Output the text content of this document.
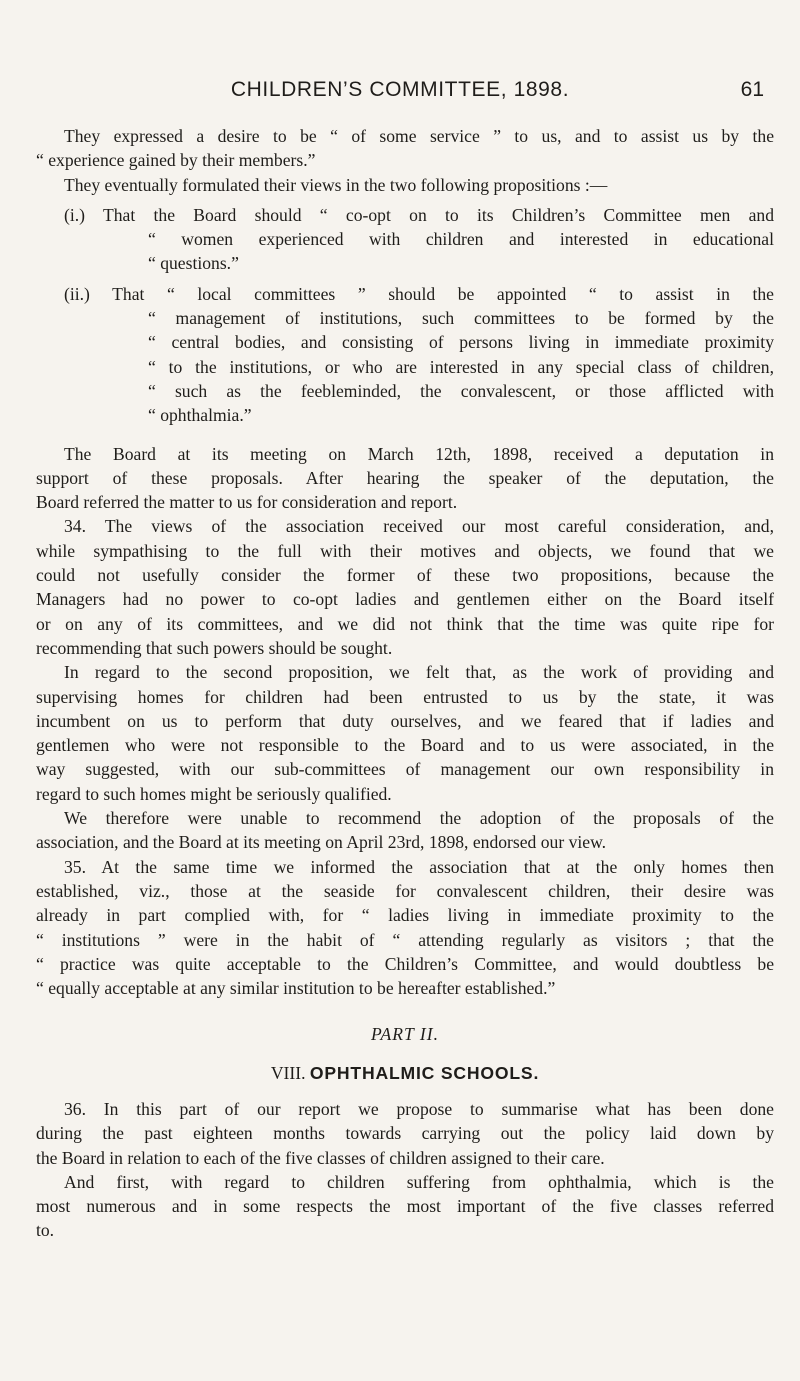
CHILDREN’S COMMITTEE, 1898.	61

They expressed a desire to be “ of some service ” to us, and to assist us by the

“ experience gained by their members.”

They eventually formulated their views in the two following propositions :—

(i.) That the Board should “ co-opt on to its Children’s Committee men and

“ women experienced with children and interested in educational

“ questions.”

(ii.) That “ local committees ” should be appointed “ to assist in the

“ management of institutions, such committees to be formed by the

“ central bodies, and consisting of persons living in immediate proximity

“ to the institutions, or who are interested in any special class of children,

“ such as the feebleminded, the convalescent, or those afflicted with

“ ophthalmia.”

The Board at its meeting on March 12th, 1898, received a deputation in

support of these proposals. After hearing the speaker of the deputation, the

Board referred the matter to us for consideration and report.

34. The views of the association received our most careful consideration, and,

while sympathising to the full with their motives and objects, we found that we

could not usefully consider the former of these two propositions, because the

Managers had no power to co-opt ladies and gentlemen either on the Board itself

or on any of its committees, and we did not think that the time was quite ripe for

recommending that such powers should be sought.

In regard to the second proposition, we felt that, as the work of providing and

supervising homes for children had been entrusted to us by the state, it was

incumbent on us to perform that duty ourselves, and we feared that if ladies and

gentlemen who were not responsible to the Board and to us were associated, in the

way suggested, with our sub-committees of management our own responsibility in

regard to such homes might be seriously qualified.

We therefore were unable to recommend the adoption of the proposals of the

association, and the Board at its meeting on April 23rd, 1898, endorsed our view.

35. At the same time we informed the association that at the only homes then

established, viz., those at the seaside for convalescent children, their desire was

already in part complied with, for “ ladies living in immediate proximity to the

“ institutions ” were in the habit of “ attending regularly as visitors ; that the

“ practice was quite acceptable to the Children’s Committee, and would doubtless be

“ equally acceptable at any similar institution to be hereafter established.”

PART II.
VIII. OPHTHALMIC SCHOOLS.

36. In this part of our report we propose to summarise what has been done

during the past eighteen months towards carrying out the policy laid down by

the Board in relation to each of the five classes of children assigned to their care.

And first, with regard to children suffering from ophthalmia, which is the

most numerous and in some respects the most important of the five classes referred

to.
